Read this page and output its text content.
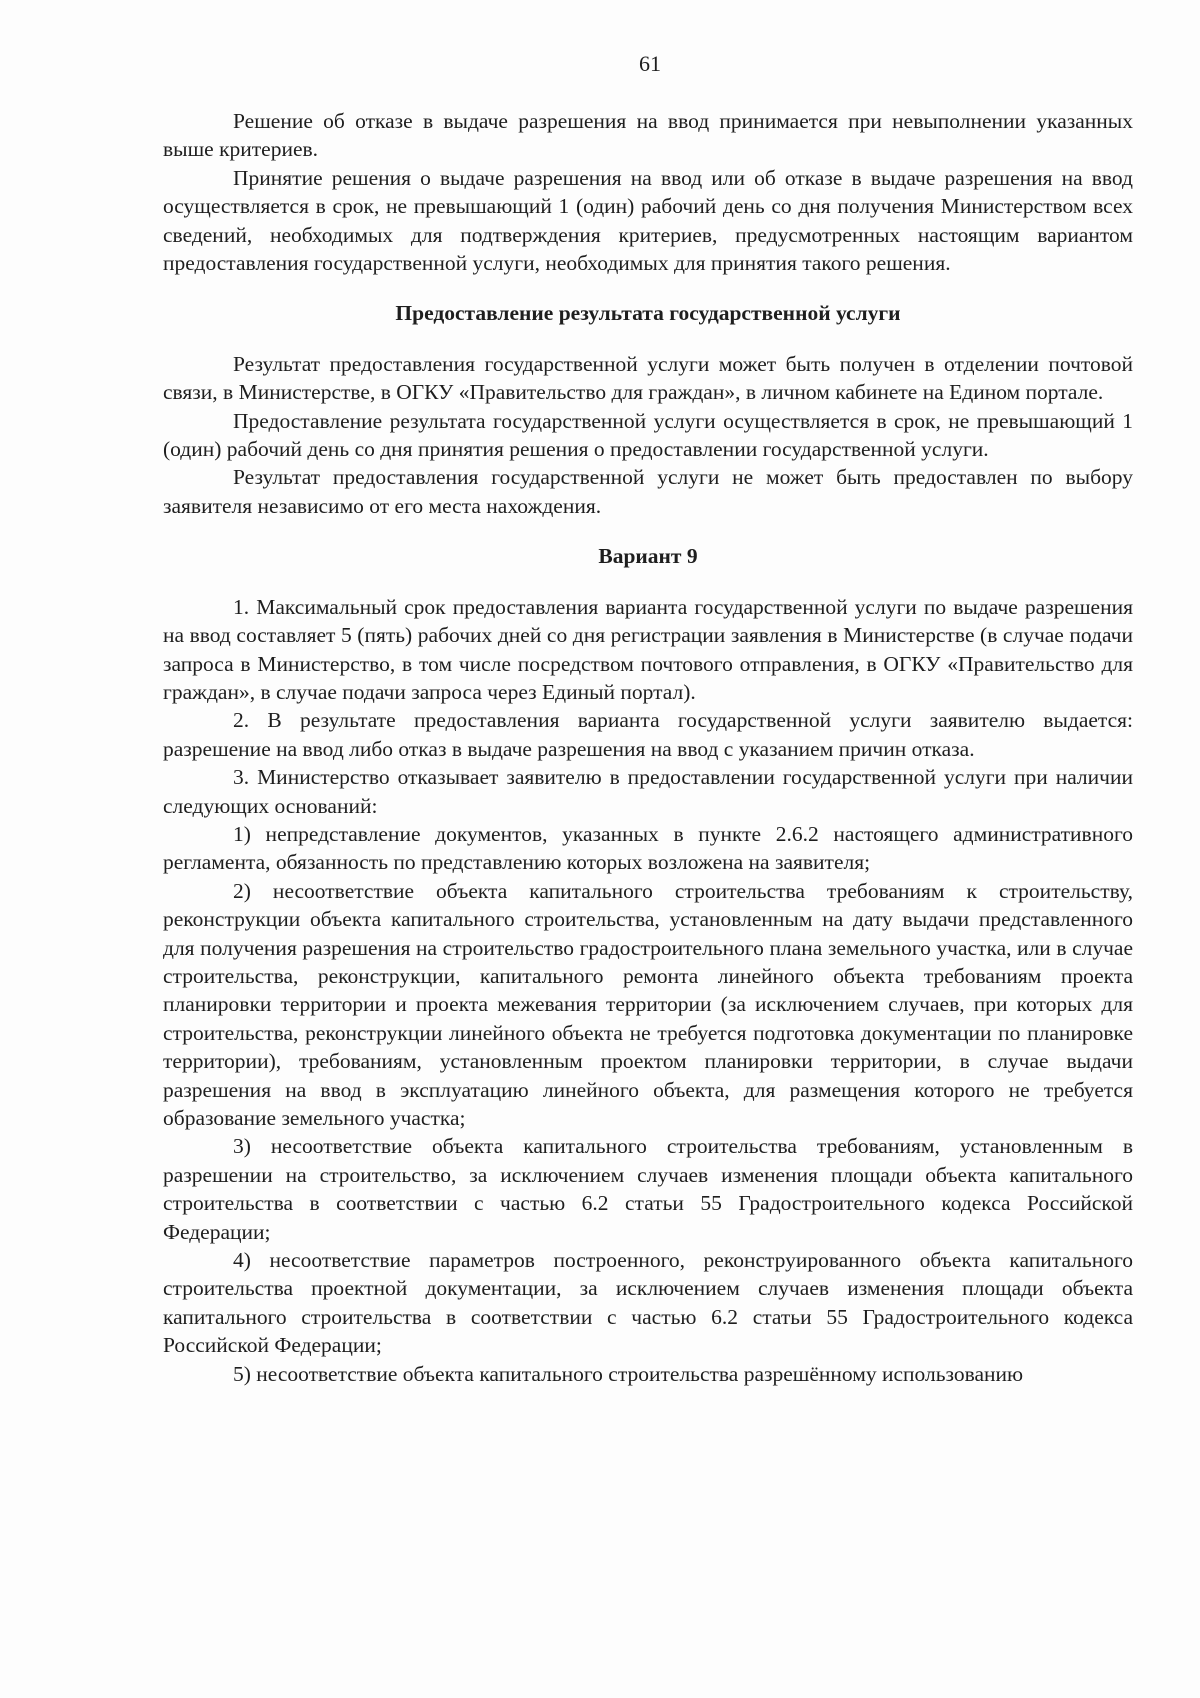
61

Решение об отказе в выдаче разрешения на ввод принимается при невыполнении указанных выше критериев.

Принятие решения о выдаче разрешения на ввод или об отказе в выдаче разрешения на ввод осуществляется в срок, не превышающий 1 (один) рабочий день со дня получения Министерством всех сведений, необходимых для подтверждения критериев, предусмотренных настоящим вариантом предоставления государственной услуги, необходимых для принятия такого решения.

Предоставление результата государственной услуги

Результат предоставления государственной услуги может быть получен в отделении почтовой связи, в Министерстве, в ОГКУ «Правительство для граждан», в личном кабинете на Едином портале.

Предоставление результата государственной услуги осуществляется в срок, не превышающий 1 (один) рабочий день со дня принятия решения о предоставлении государственной услуги.

Результат предоставления государственной услуги не может быть предоставлен по выбору заявителя независимо от его места нахождения.

Вариант 9

1. Максимальный срок предоставления варианта государственной услуги по выдаче разрешения на ввод составляет 5 (пять) рабочих дней со дня регистрации заявления в Министерстве (в случае подачи запроса в Министерство, в том числе посредством почтового отправления, в ОГКУ «Правительство для граждан», в случае подачи запроса через Единый портал).

2. В результате предоставления варианта государственной услуги заявителю выдается: разрешение на ввод либо отказ в выдаче разрешения на ввод с указанием причин отказа.

3. Министерство отказывает заявителю в предоставлении государственной услуги при наличии следующих оснований:

1) непредставление документов, указанных в пункте 2.6.2 настоящего административного регламента, обязанность по представлению которых возложена на заявителя;

2) несоответствие объекта капитального строительства требованиям к строительству, реконструкции объекта капитального строительства, установленным на дату выдачи представленного для получения разрешения на строительство градостроительного плана земельного участка, или в случае строительства, реконструкции, капитального ремонта линейного объекта требованиям проекта планировки территории и проекта межевания территории (за исключением случаев, при которых для строительства, реконструкции линейного объекта не требуется подготовка документации по планировке территории), требованиям, установленным проектом планировки территории, в случае выдачи разрешения на ввод в эксплуатацию линейного объекта, для размещения которого не требуется образование земельного участка;

3) несоответствие объекта капитального строительства требованиям, установленным в разрешении на строительство, за исключением случаев изменения площади объекта капитального строительства в соответствии с частью 6.2 статьи 55 Градостроительного кодекса Российской Федерации;

4) несоответствие параметров построенного, реконструированного объекта капитального строительства проектной документации, за исключением случаев изменения площади объекта капитального строительства в соответствии с частью 6.2 статьи 55 Градостроительного кодекса Российской Федерации;

5) несоответствие объекта капитального строительства разрешённому использованию
